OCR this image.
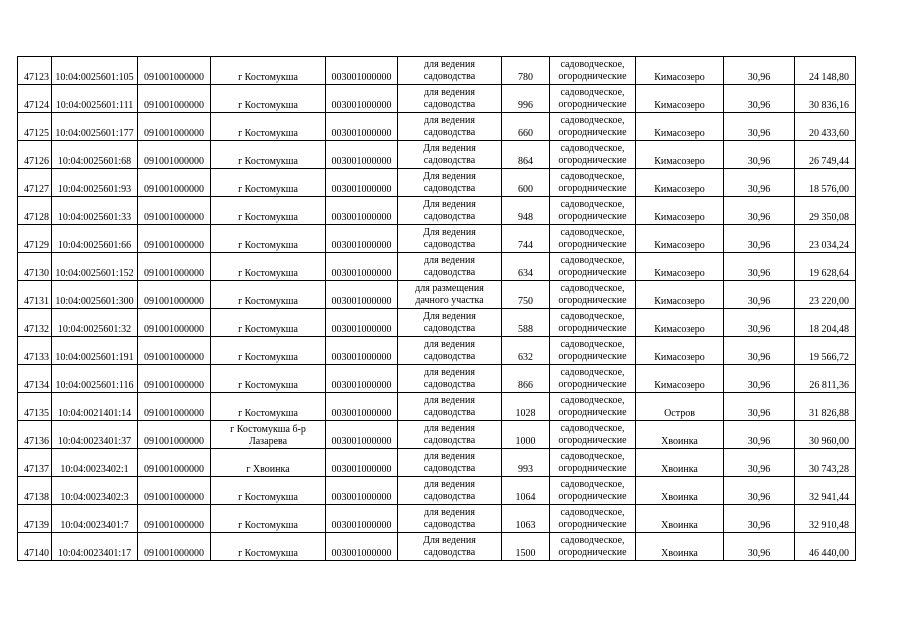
47123	10:04:0025601:105	091001000000	г Костомукша	003001000000	для ведения
садоводства	780	садоводческое,
огороднические	Кимасозеро	30,96	24 148,80
47124	10:04:0025601:111	091001000000	г Костомукша	003001000000	для ведения
садоводства	996	садоводческое,
огороднические	Кимасозеро	30,96	30 836,16
47125	10:04:0025601:177	091001000000	г Костомукша	003001000000	для ведения
садоводства	660	садоводческое,
огороднические	Кимасозеро	30,96	20 433,60
47126	10:04:0025601:68	091001000000	г Костомукша	003001000000	Для ведения
садоводства	864	садоводческое,
огороднические	Кимасозеро	30,96	26 749,44
47127	10:04:0025601:93	091001000000	г Костомукша	003001000000	Для ведения
садоводства	600	садоводческое,
огороднические	Кимасозеро	30,96	18 576,00
47128	10:04:0025601:33	091001000000	г Костомукша	003001000000	Для ведения
садоводства	948	садоводческое,
огороднические	Кимасозеро	30,96	29 350,08
47129	10:04:0025601:66	091001000000	г Костомукша	003001000000	Для ведения
садоводства	744	садоводческое,
огороднические	Кимасозеро	30,96	23 034,24
47130	10:04:0025601:152	091001000000	г Костомукша	003001000000	для ведения
садоводства	634	садоводческое,
огороднические	Кимасозеро	30,96	19 628,64
47131	10:04:0025601:300	091001000000	г Костомукша	003001000000	для размещения
дачного участка	750	садоводческое,
огороднические	Кимасозеро	30,96	23 220,00
47132	10:04:0025601:32	091001000000	г Костомукша	003001000000	Для ведения
садоводства	588	садоводческое,
огороднические	Кимасозеро	30,96	18 204,48
47133	10:04:0025601:191	091001000000	г Костомукша	003001000000	для ведения
садоводства	632	садоводческое,
огороднические	Кимасозеро	30,96	19 566,72
47134	10:04:0025601:116	091001000000	г Костомукша	003001000000	для ведения
садоводства	866	садоводческое,
огороднические	Кимасозеро	30,96	26 811,36
47135	10:04:0021401:14	091001000000	г Костомукша	003001000000	для ведения
садоводства	1028	садоводческое,
огороднические	Остров	30,96	31 826,88
47136	10:04:0023401:37	091001000000	г Костомукша б-р
Лазарева	003001000000	для ведения
садоводства	1000	садоводческое,
огороднические	Хвоинка	30,96	30 960,00
47137	10:04:0023402:1	091001000000	г Хвоинка	003001000000	для ведения
садоводства	993	садоводческое,
огороднические	Хвоинка	30,96	30 743,28
47138	10:04:0023402:3	091001000000	г Костомукша	003001000000	для ведения
садоводства	1064	садоводческое,
огороднические	Хвоинка	30,96	32 941,44
47139	10:04:0023401:7	091001000000	г Костомукша	003001000000	для ведения
садоводства	1063	садоводческое,
огороднические	Хвоинка	30,96	32 910,48
47140	10:04:0023401:17	091001000000	г Костомукша	003001000000	Для ведения
садоводства	1500	садоводческое,
огороднические	Хвоинка	30,96	46 440,00
